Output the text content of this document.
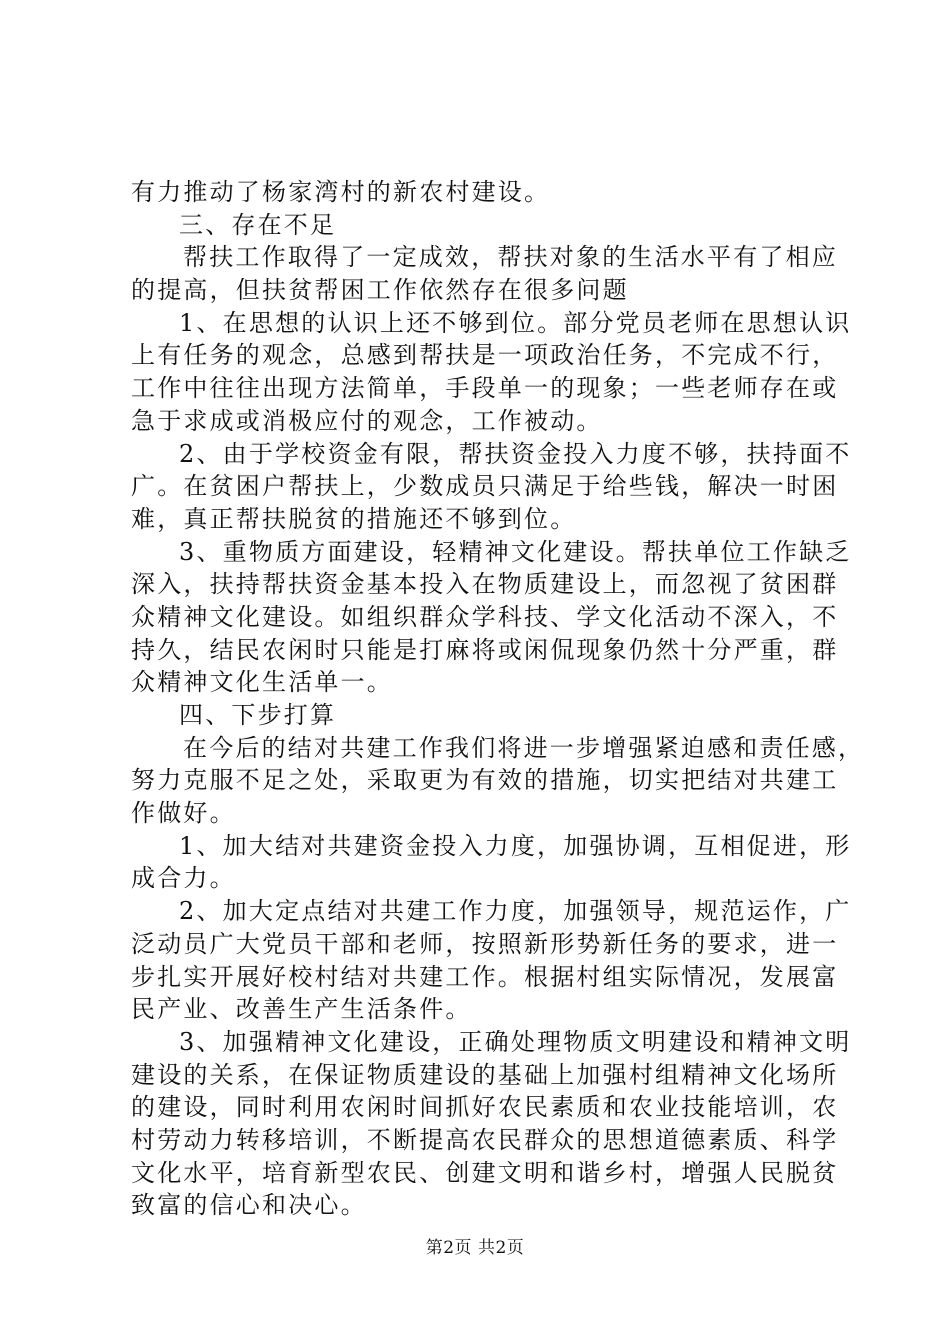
有力推动了杨家湾村的新农村建设。
三、存在不足
帮扶工作取得了一定成效，帮扶对象的生活水平有了相应
的提高，但扶贫帮困工作依然存在很多问题
1、在思想的认识上还不够到位。部分党员老师在思想认识
上有任务的观念，总感到帮扶是一项政治任务，不完成不行，
工作中往往出现方法简单，手段单一的现象；一些老师存在或
急于求成或消极应付的观念，工作被动。
2、由于学校资金有限，帮扶资金投入力度不够，扶持面不
广。在贫困户帮扶上，少数成员只满足于给些钱，解决一时困
难，真正帮扶脱贫的措施还不够到位。
3、重物质方面建设，轻精神文化建设。帮扶单位工作缺乏
深入，扶持帮扶资金基本投入在物质建设上，而忽视了贫困群
众精神文化建设。如组织群众学科技、学文化活动不深入，不
持久，结民农闲时只能是打麻将或闲侃现象仍然十分严重，群
众精神文化生活单一。
四、下步打算
在今后的结对共建工作我们将进一步增强紧迫感和责任感，
努力克服不足之处，采取更为有效的措施，切实把结对共建工
作做好。
1、加大结对共建资金投入力度，加强协调，互相促进，形
成合力。
2、加大定点结对共建工作力度，加强领导，规范运作，广
泛动员广大党员干部和老师，按照新形势新任务的要求，进一
步扎实开展好校村结对共建工作。根据村组实际情况，发展富
民产业、改善生产生活条件。
3、加强精神文化建设，正确处理物质文明建设和精神文明
建设的关系，在保证物质建设的基础上加强村组精神文化场所
的建设，同时利用农闲时间抓好农民素质和农业技能培训，农
村劳动力转移培训，不断提高农民群众的思想道德素质、科学
文化水平，培育新型农民、创建文明和谐乡村，增强人民脱贫
致富的信心和决心。
第2页 共2页
